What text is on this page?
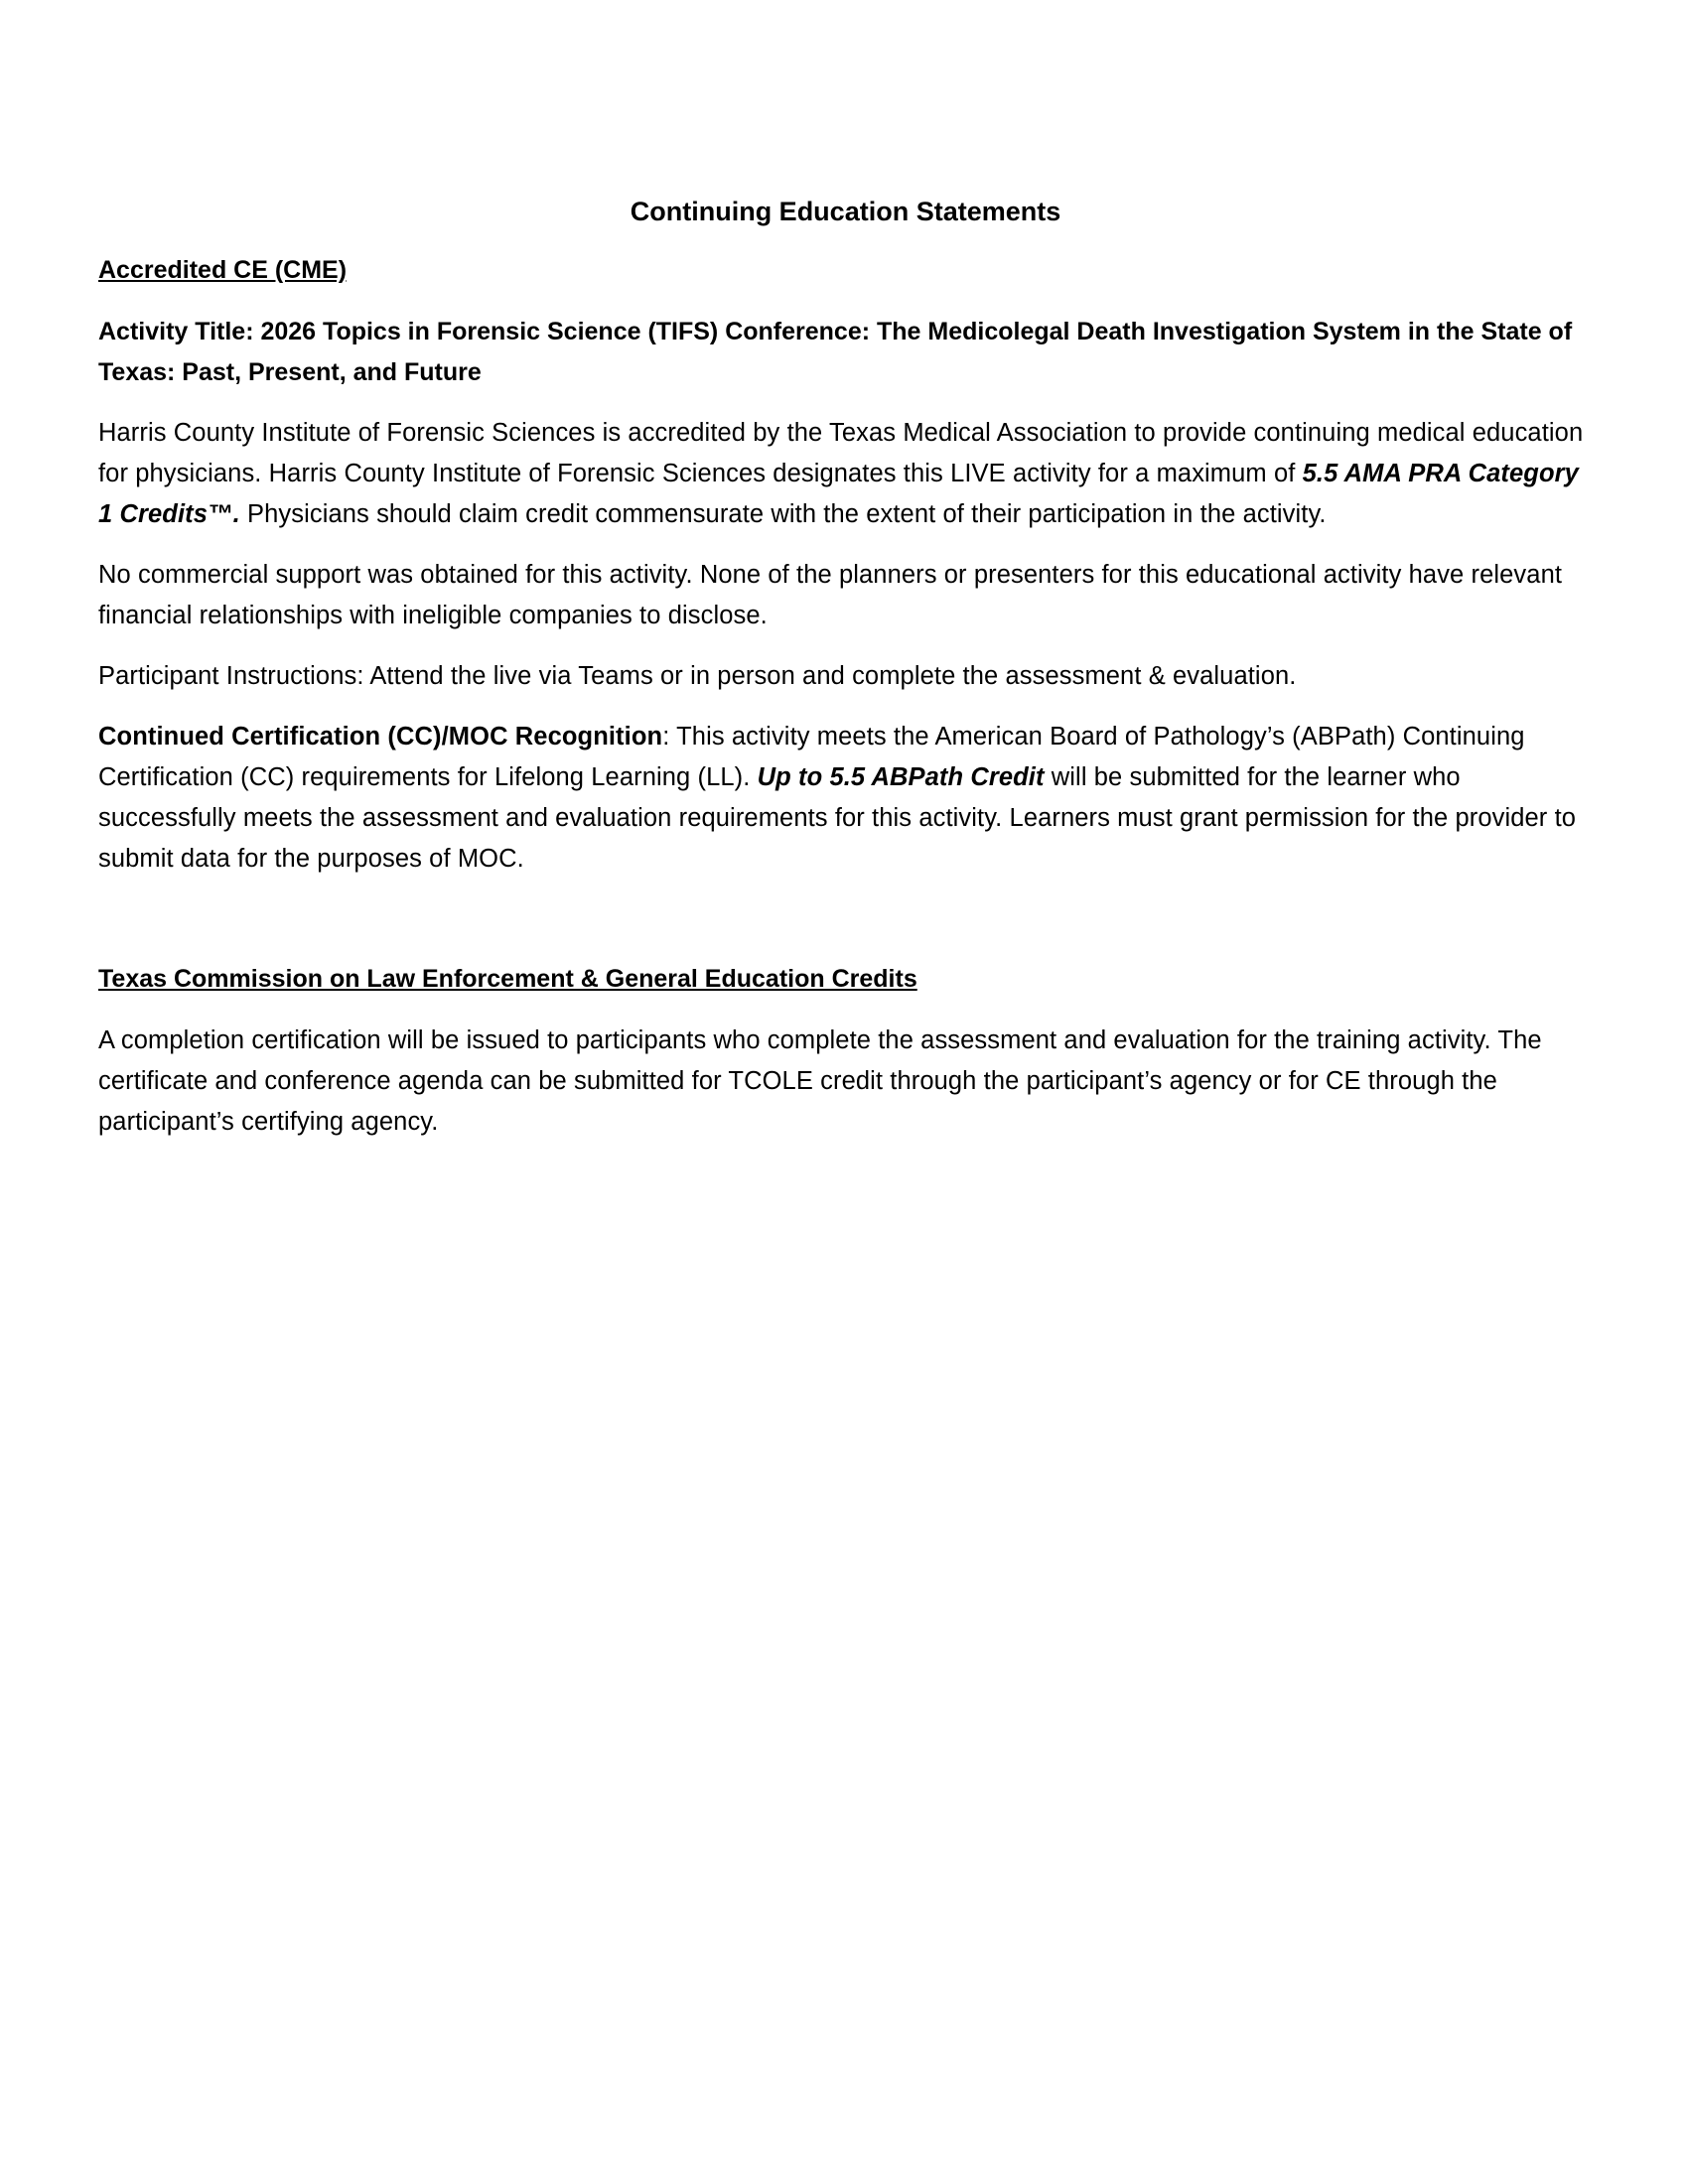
Continuing Education Statements
Accredited CE (CME)
Activity Title: 2026 Topics in Forensic Science (TIFS) Conference: The Medicolegal Death Investigation System in the State of Texas: Past, Present, and Future

Harris County Institute of Forensic Sciences is accredited by the Texas Medical Association to provide continuing medical education for physicians. Harris County Institute of Forensic Sciences designates this LIVE activity for a maximum of 5.5 AMA PRA Category 1 Credits™. Physicians should claim credit commensurate with the extent of their participation in the activity.

No commercial support was obtained for this activity. None of the planners or presenters for this educational activity have relevant financial relationships with ineligible companies to disclose.

Participant Instructions: Attend the live via Teams or in person and complete the assessment & evaluation.

Continued Certification (CC)/MOC Recognition: This activity meets the American Board of Pathology’s (ABPath) Continuing Certification (CC) requirements for Lifelong Learning (LL). Up to 5.5 ABPath Credit will be submitted for the learner who successfully meets the assessment and evaluation requirements for this activity. Learners must grant permission for the provider to submit data for the purposes of MOC.

Texas Commission on Law Enforcement & General Education Credits

A completion certification will be issued to participants who complete the assessment and evaluation for the training activity. The certificate and conference agenda can be submitted for TCOLE credit through the participant’s agency or for CE through the participant’s certifying agency.
